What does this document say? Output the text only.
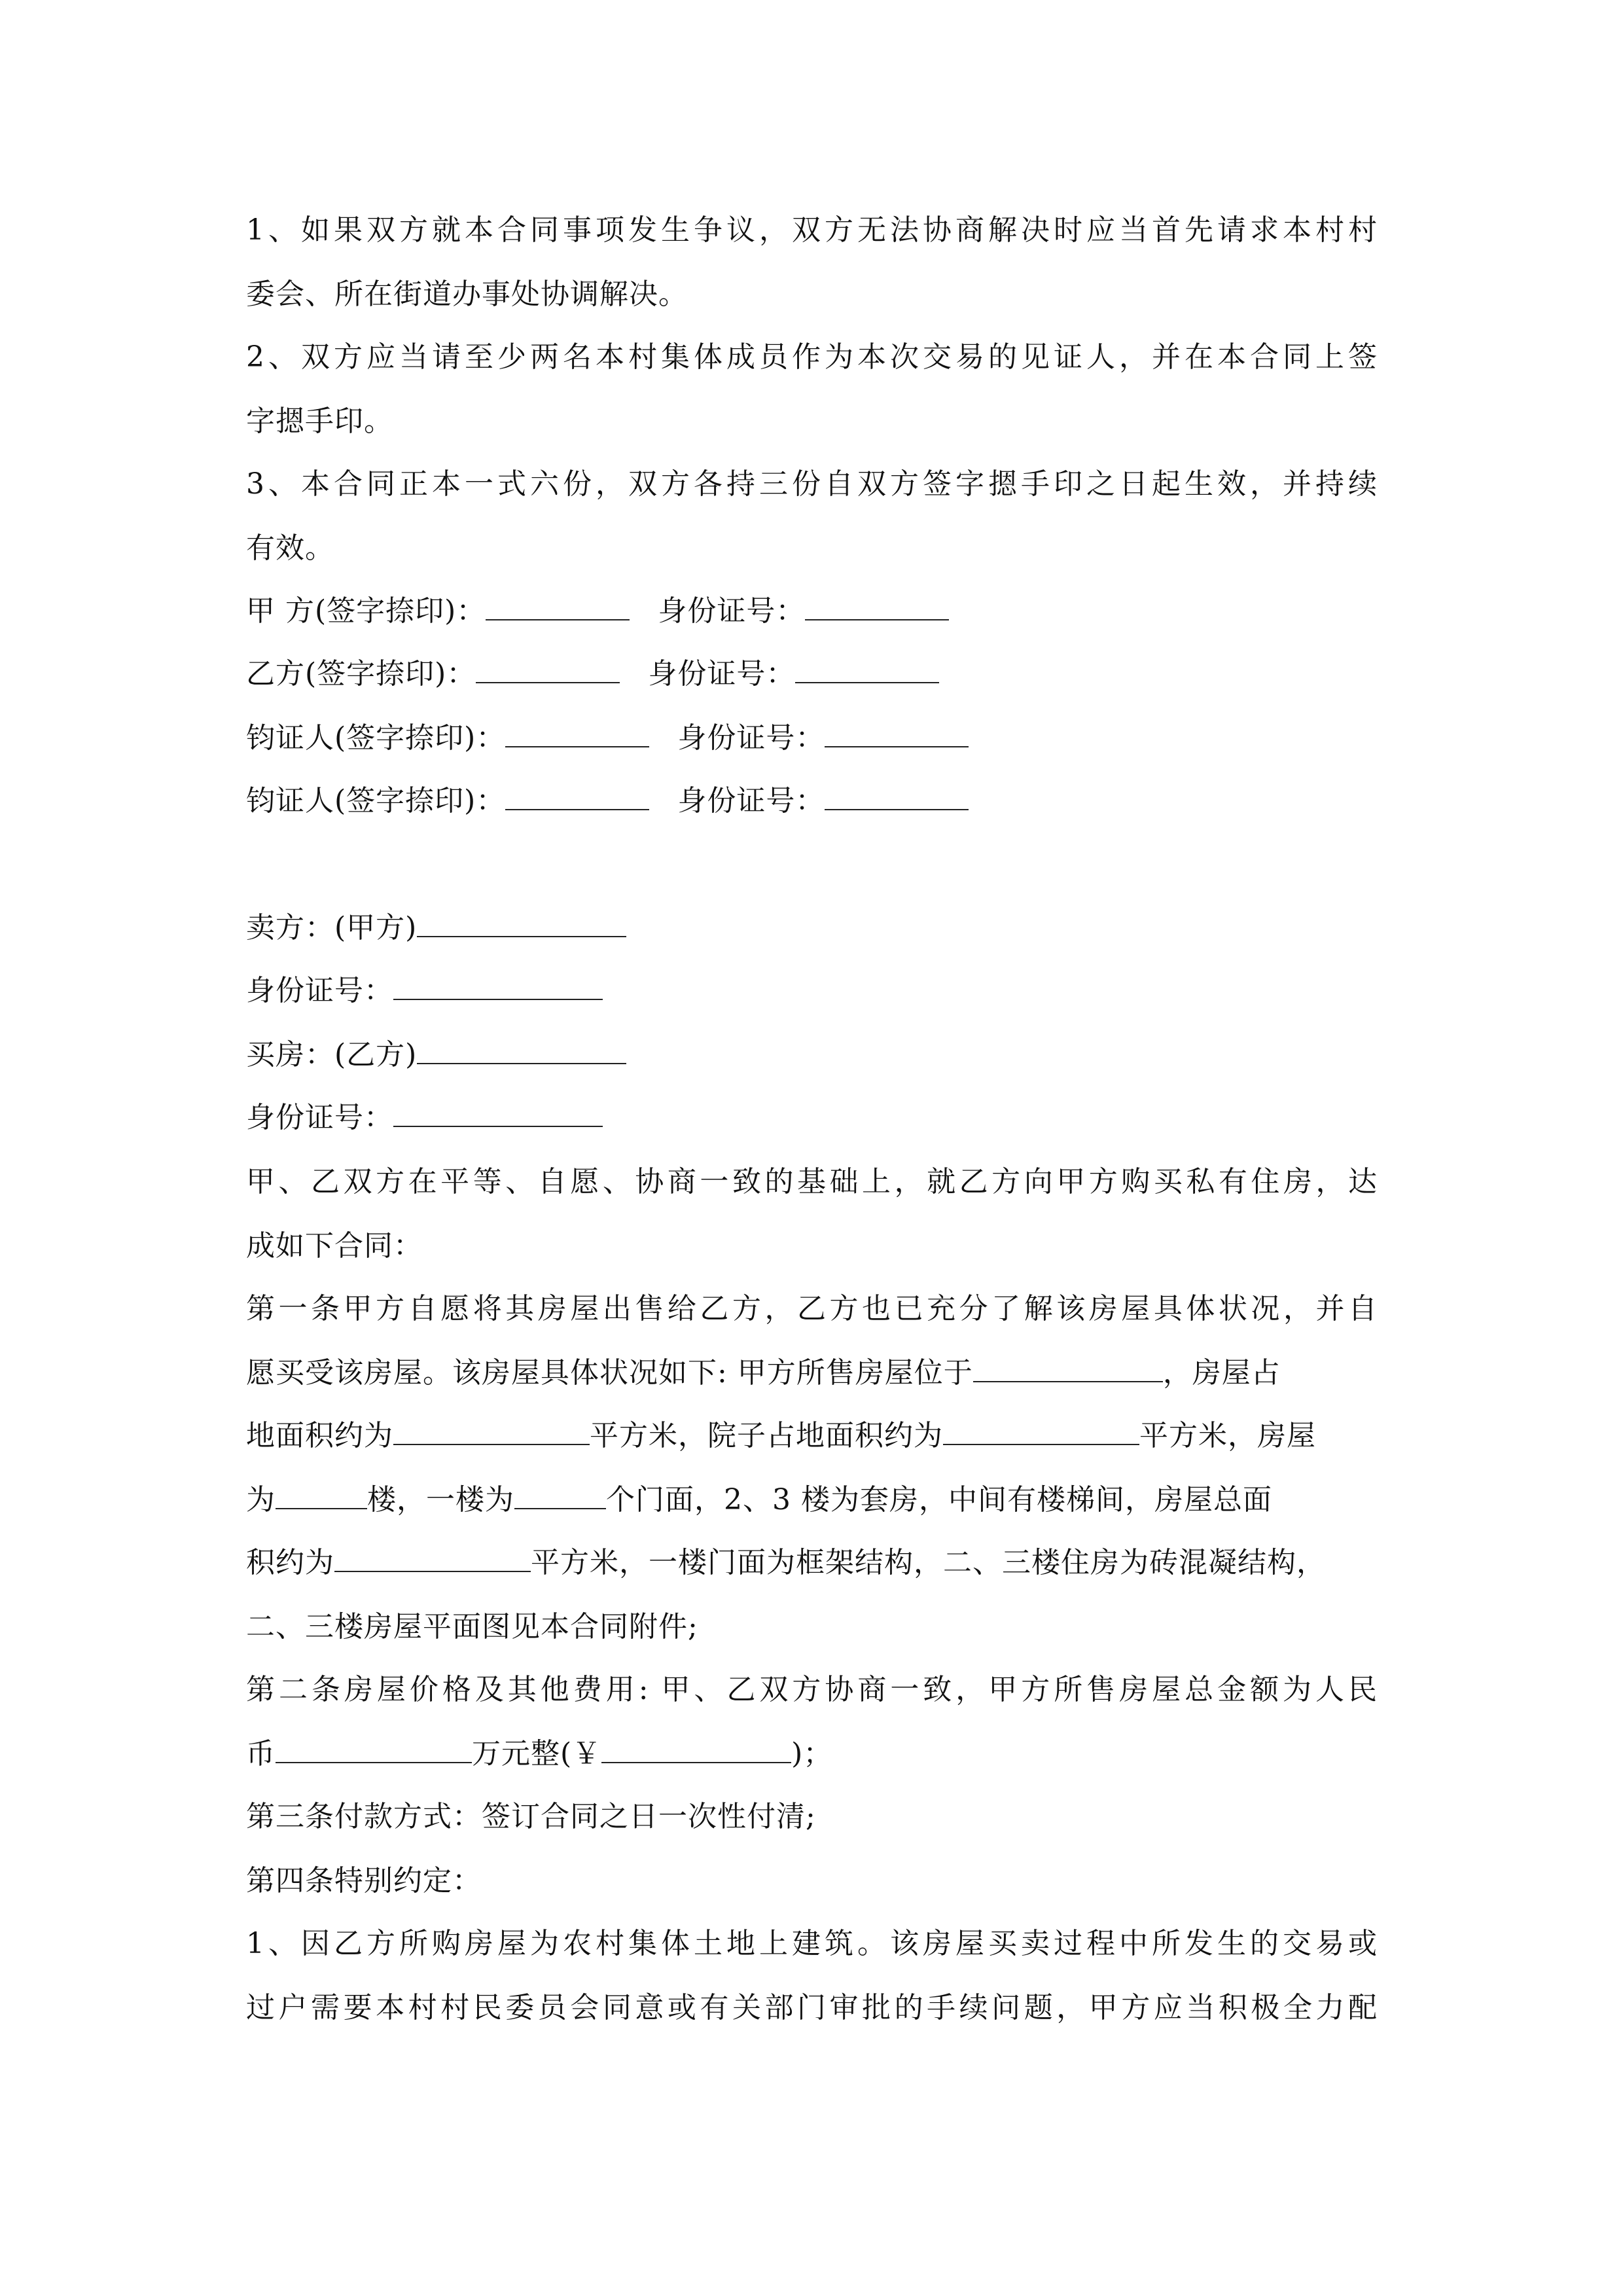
1、如果双方就本合同事项发生争议，双方无法协商解决时应当首先请求本村村
委会、所在街道办事处协调解决。
2、双方应当请至少两名本村集体成员作为本次交易的见证人，并在本合同上签
字摁手印。
3、本合同正本一式六份，双方各持三份自双方签字摁手印之日起生效，并持续
有效。
甲 方(签字捺印)：	身份证号：
乙方(签字捺印)：	身份证号：
钧证人(签字捺印)：	身份证号：
钧证人(签字捺印)：	身份证号：
卖方：(甲方)
身份证号：
买房：(乙方)
身份证号：
甲、乙双方在平等、自愿、协商一致的基础上，就乙方向甲方购买私有住房，达
成如下合同：
第一条甲方自愿将其房屋出售给乙方，乙方也已充分了解该房屋具体状况，并自
愿买受该房屋。该房屋具体状况如下: 甲方所售房屋位于	，房屋占
地面积约为	平方米，院子占地面积约为	平方米，房屋
为	楼，一楼为	个门面，2、3 楼为套房，中间有楼梯间，房屋总面
积约为	平方米，一楼门面为框架结构，二、三楼住房为砖混凝结构，
二、三楼房屋平面图见本合同附件;
第二条房屋价格及其他费用: 甲、乙双方协商一致，甲方所售房屋总金额为人民
币	万元整(￥	)；
第三条付款方式：签订合同之日一次性付清;
第四条特别约定：
1、因乙方所购房屋为农村集体土地上建筑。该房屋买卖过程中所发生的交易或
过户需要本村村民委员会同意或有关部门审批的手续问题，甲方应当积极全力配
